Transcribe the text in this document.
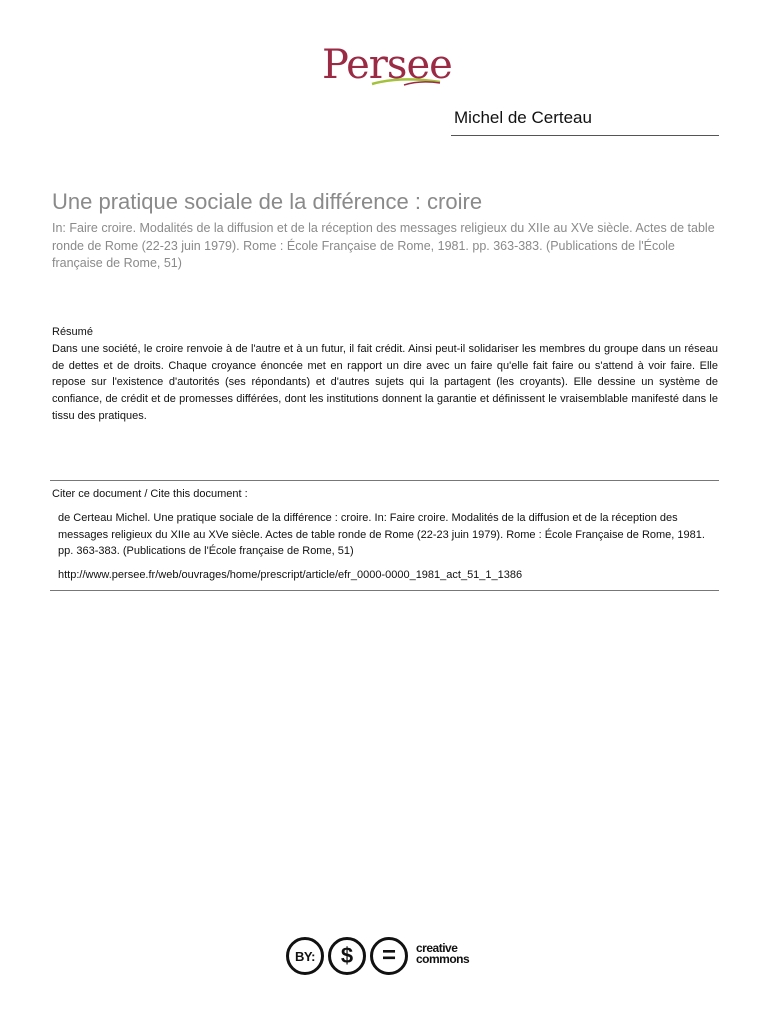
Persee
Michel de Certeau
Une pratique sociale de la différence : croire

In: Faire croire. Modalités de la diffusion et de la réception des messages religieux du XIIe au XVe siècle. Actes de table ronde de Rome (22-23 juin 1979). Rome : École Française de Rome, 1981. pp. 363-383. (Publications de l'École française de Rome, 51)

Résumé

Dans une société, le croire renvoie à de l'autre et à un futur, il fait crédit. Ainsi peut-il solidariser les membres du groupe dans un réseau de dettes et de droits. Chaque croyance énoncée met en rapport un dire avec un faire qu'elle fait faire ou s'attend à voir faire. Elle repose sur l'existence d'autorités (ses répondants) et d'autres sujets qui la partagent (les croyants). Elle dessine un système de confiance, de crédit et de promesses différées, dont les institutions donnent la garantie et définissent le vraisemblable manifesté dans le tissu des pratiques.

Citer ce document / Cite this document :

de Certeau Michel. Une pratique sociale de la différence : croire. In: Faire croire. Modalités de la diffusion et de la réception des messages religieux du XIIe au XVe siècle. Actes de table ronde de Rome (22-23 juin 1979). Rome : École Française de Rome, 1981. pp. 363-383. (Publications de l'École française de Rome, 51)

http://www.persee.fr/web/ouvrages/home/prescript/article/efr_0000-0000_1981_act_51_1_1386
BY:	$	=	creative
commons
